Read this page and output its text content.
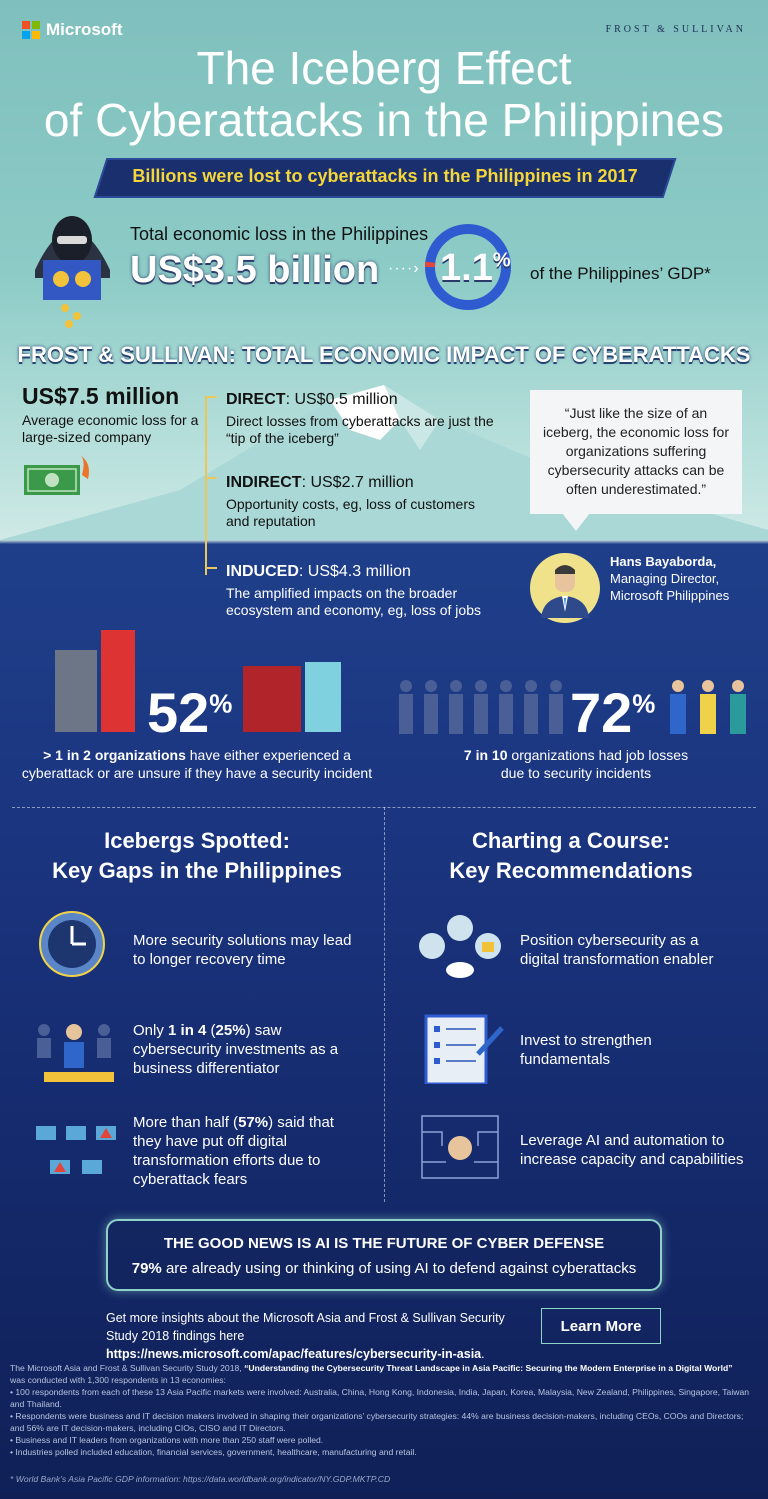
Microsoft	FROST & SULLIVAN
The Iceberg Effect
of Cyberattacks in the Philippines
Billions were lost to cyberattacks in the Philippines in 2017
Total economic loss in the Philippines
US$3.5 billion ····› 1.1%
of the Philippines’ GDP*
FROST & SULLIVAN: TOTAL ECONOMIC IMPACT OF CYBERATTACKS
US$7.5 million
Average economic loss for a large-sized company
DIRECT: US$0.5 million
Direct losses from cyberattacks are just the “tip of the iceberg”
INDIRECT: US$2.7 million
Opportunity costs, eg, loss of customers and reputation
INDUCED: US$4.3 million
The amplified impacts on the broader ecosystem and economy, eg, loss of jobs
“Just like the size of an iceberg, the economic loss for organizations suffering cybersecurity attacks can be often underestimated.”
Hans Bayaborda,
Managing Director,
Microsoft Philippines
52%
> 1 in 2 organizations have either experienced a
cyberattack or are unsure if they have a security incident
72%
7 in 10 organizations had job losses
due to security incidents
Icebergs Spotted:
Key Gaps in the Philippines
More security solutions may lead to longer recovery time
Only 1 in 4 (25%) saw cybersecurity investments as a business differentiator
More than half (57%) said that they have put off digital transformation efforts due to cyberattack fears
Charting a Course:
Key Recommendations
Position cybersecurity as a digital transformation enabler
Invest to strengthen fundamentals
Leverage AI and automation to increase capacity and capabilities
THE GOOD NEWS IS AI IS THE FUTURE OF CYBER DEFENSE
79% are already using or thinking of using AI to defend against cyberattacks
Get more insights about the Microsoft Asia and Frost & Sullivan Security Study 2018 findings here https://news.microsoft.com/apac/features/cybersecurity-in-asia.
Learn More
The Microsoft Asia and Frost & Sullivan Security Study 2018, “Understanding the Cybersecurity Threat Landscape in Asia Pacific: Securing the Modern Enterprise in a Digital World”
was conducted with 1,300 respondents in 13 economies:
• 100 respondents from each of these 13 Asia Pacific markets were involved: Australia, China, Hong Kong, Indonesia, India, Japan, Korea, Malaysia, New Zealand, Philippines, Singapore, Taiwan and Thailand.
• Respondents were business and IT decision makers involved in shaping their organizations’ cybersecurity strategies: 44% are business decision-makers, including CEOs, COOs and Directors; and 56% are IT decision-makers, including CIOs, CISO and IT Directors.
• Business and IT leaders from organizations with more than 250 staff were polled.
• Industries polled included education, financial services, government, healthcare, manufacturing and retail.
* World Bank’s Asia Pacific GDP information: https://data.worldbank.org/indicator/NY.GDP.MKTP.CD
